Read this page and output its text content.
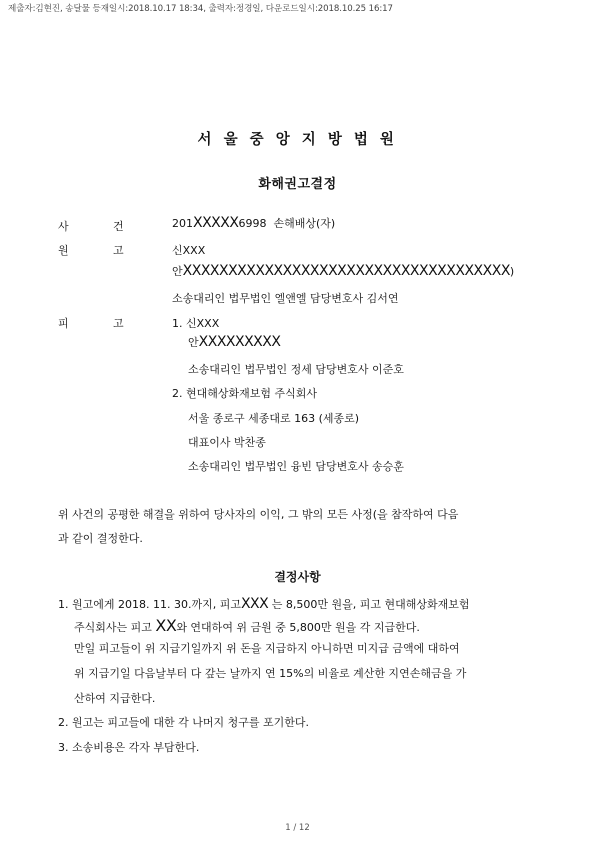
제출자:김현진, 송달물 등재일시:2018.10.17 18:34, 출력자:정경일, 다운로드일시:2018.10.25 16:17
서 울 중 앙 지 방 법 원
화해권고결정
사	건	201XXXXX6998 손해배상(자)
원	고	신XXX
안XXXXXXXXXXXXXXXXXXXXXXXXXXXXXXXXXXXX)
소송대리인 법무법인 엘앤엘 담당변호사 김서연
피	고	1. 신XXX
안XXXXXXXXX
소송대리인 법무법인 정세 담당변호사 이준호
2. 현대해상화재보험 주식회사
서울 종로구 세종대로 163 (세종로)
대표이사 박찬종
소송대리인 법무법인 융빈 담당변호사 송승훈
위 사건의 공평한 해결을 위하여 당사자의 이익, 그 밖의 모든 사정(을 참작하여 다음
과 같이 결정한다.
결정사항
1. 원고에게 2018. 11. 30.까지, 피고XXX 는 8,500만 원을, 피고 현대해상화재보험
주식회사는 피고 XX와 연대하여 위 금원 중 5,800만 원을 각 지급한다.
만일 피고들이 위 지급기일까지 위 돈을 지급하지 아니하면 미지급 금액에 대하여
위 지급기일 다음날부터 다 갚는 날까지 연 15%의 비율로 계산한 지연손해금을 가
산하여 지급한다.
2. 원고는 피고들에 대한 각 나머지 청구를 포기한다.
3. 소송비용은 각자 부담한다.
1 / 12
